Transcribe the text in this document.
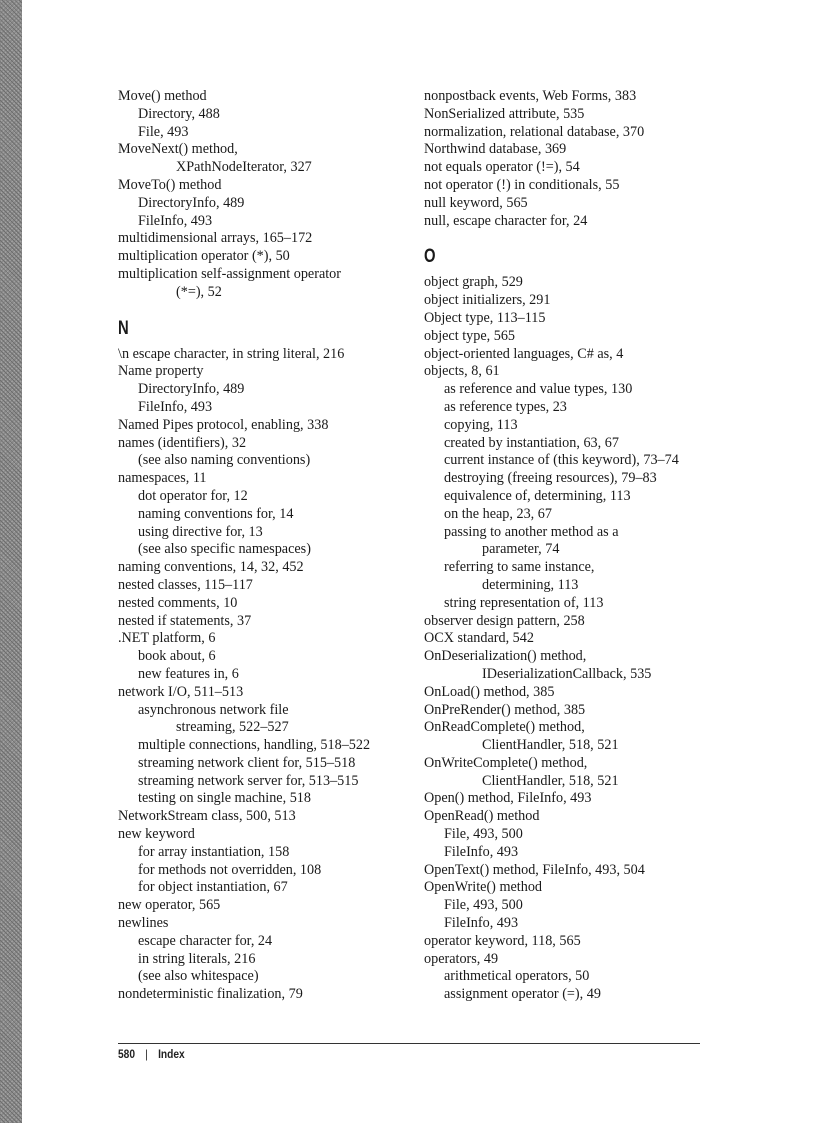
Move() method
Directory, 488
File, 493
MoveNext() method,
XPathNodeIterator, 327
MoveTo() method
DirectoryInfo, 489
FileInfo, 493
multidimensional arrays, 165–172
multiplication operator (*), 50
multiplication self-assignment operator
(*=), 52
N
\n escape character, in string literal, 216
Name property
DirectoryInfo, 489
FileInfo, 493
Named Pipes protocol, enabling, 338
names (identifiers), 32
(see also naming conventions)
namespaces, 11
dot operator for, 12
naming conventions for, 14
using directive for, 13
(see also specific namespaces)
naming conventions, 14, 32, 452
nested classes, 115–117
nested comments, 10
nested if statements, 37
.NET platform, 6
book about, 6
new features in, 6
network I/O, 511–513
asynchronous network file
streaming, 522–527
multiple connections, handling, 518–522
streaming network client for, 515–518
streaming network server for, 513–515
testing on single machine, 518
NetworkStream class, 500, 513
new keyword
for array instantiation, 158
for methods not overridden, 108
for object instantiation, 67
new operator, 565
newlines
escape character for, 24
in string literals, 216
(see also whitespace)
nondeterministic finalization, 79
nonpostback events, Web Forms, 383
NonSerialized attribute, 535
normalization, relational database, 370
Northwind database, 369
not equals operator (!=), 54
not operator (!) in conditionals, 55
null keyword, 565
null, escape character for, 24
O
object graph, 529
object initializers, 291
Object type, 113–115
object type, 565
object-oriented languages, C# as, 4
objects, 8, 61
as reference and value types, 130
as reference types, 23
copying, 113
created by instantiation, 63, 67
current instance of (this keyword), 73–74
destroying (freeing resources), 79–83
equivalence of, determining, 113
on the heap, 23, 67
passing to another method as a
parameter, 74
referring to same instance,
determining, 113
string representation of, 113
observer design pattern, 258
OCX standard, 542
OnDeserialization() method,
IDeserializationCallback, 535
OnLoad() method, 385
OnPreRender() method, 385
OnReadComplete() method,
ClientHandler, 518, 521
OnWriteComplete() method,
ClientHandler, 518, 521
Open() method, FileInfo, 493
OpenRead() method
File, 493, 500
FileInfo, 493
OpenText() method, FileInfo, 493, 504
OpenWrite() method
File, 493, 500
FileInfo, 493
operator keyword, 118, 565
operators, 49
arithmetical operators, 50
assignment operator (=), 49
580 | Index
